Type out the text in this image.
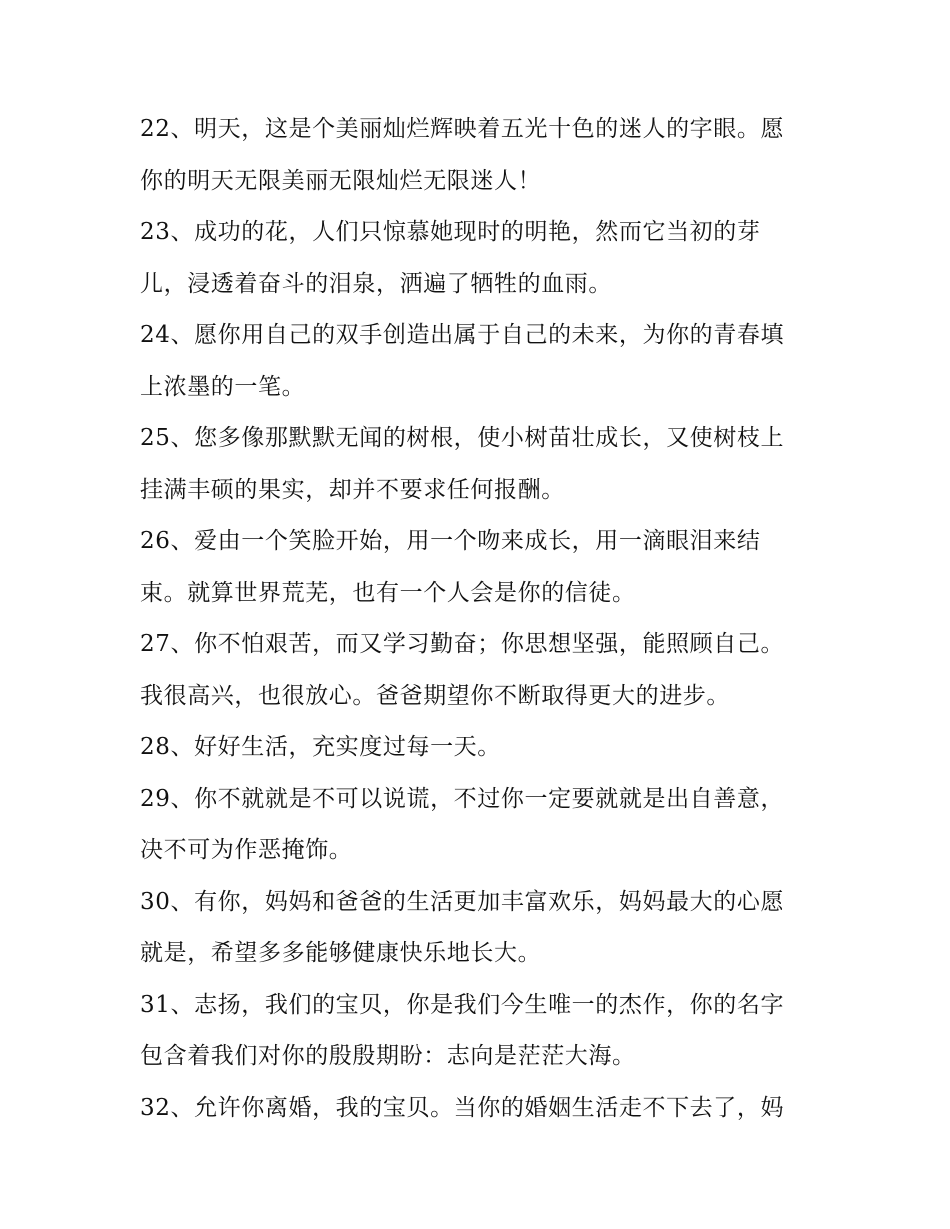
22、明天，这是个美丽灿烂辉映着五光十色的迷人的字眼。愿
你的明天无限美丽无限灿烂无限迷人！
23、成功的花，人们只惊慕她现时的明艳，然而它当初的芽
儿，浸透着奋斗的泪泉，洒遍了牺牲的血雨。
24、愿你用自己的双手创造出属于自己的未来，为你的青春填
上浓墨的一笔。
25、您多像那默默无闻的树根，使小树苗壮成长，又使树枝上
挂满丰硕的果实，却并不要求任何报酬。
26、爱由一个笑脸开始，用一个吻来成长，用一滴眼泪来结
束。就算世界荒芜，也有一个人会是你的信徒。
27、你不怕艰苦，而又学习勤奋；你思想坚强，能照顾自己。
我很高兴，也很放心。爸爸期望你不断取得更大的进步。
28、好好生活，充实度过每一天。
29、你不就就是不可以说谎，不过你一定要就就是出自善意，
决不可为作恶掩饰。
30、有你，妈妈和爸爸的生活更加丰富欢乐，妈妈最大的心愿
就是，希望多多能够健康快乐地长大。
31、志扬，我们的宝贝，你是我们今生唯一的杰作，你的名字
包含着我们对你的殷殷期盼：志向是茫茫大海。
32、允许你离婚，我的宝贝。当你的婚姻生活走不下去了，妈
